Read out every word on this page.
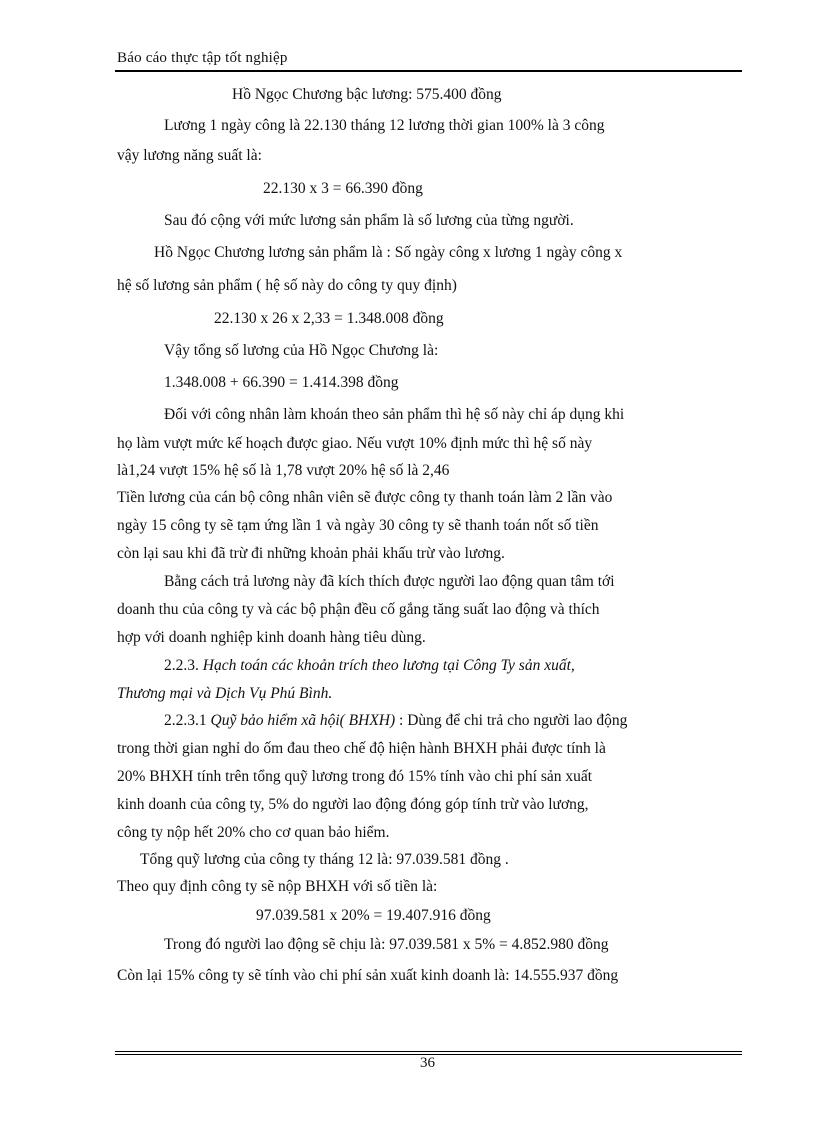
Báo cáo thực tập tốt nghiệp
Hồ Ngọc Chương bậc lương: 575.400 đồng
Lương 1 ngày công là 22.130 tháng 12 lương thời gian 100% là 3 công
vậy lương năng suất là:
22.130 x 3 = 66.390 đồng
Sau đó cộng với mức lương sản phẩm là số lương của từng người.
Hồ Ngọc Chương lương sản phẩm là : Số ngày công x lương 1 ngày công x
hệ số lương sản phẩm ( hệ số này do công ty quy định)
22.130 x 26 x 2,33 = 1.348.008 đồng
Vậy tổng số lương của Hồ Ngọc Chương là:
1.348.008 + 66.390 = 1.414.398 đồng
Đối với công nhân làm khoán theo sản phẩm thì hệ số này chỉ áp dụng khi
họ làm vượt mức kế hoạch được giao. Nếu vượt 10% định mức thì hệ số này
là1,24 vượt 15% hệ số là 1,78 vượt 20% hệ số là 2,46
Tiền lương của cán bộ công nhân viên sẽ được công ty thanh toán làm 2 lần vào
ngày 15 công ty sẽ tạm ứng lần 1 và ngày 30 công ty sẽ thanh toán nốt số tiền
còn lại sau khi đã trừ đi những khoản phải khấu trừ vào lương.
Bằng cách trả lương này đã kích thích được người lao động quan tâm tới
doanh thu của công ty và các bộ phận đều cố gắng tăng suất lao động và thích
hợp với doanh nghiệp kinh doanh hàng tiêu dùng.
2.2.3. Hạch toán các khoản trích theo lương tại Công Ty sản xuất,
Thương mại và Dịch Vụ Phú Bình.
2.2.3.1 Quỹ bảo hiểm xã hội( BHXH) : Dùng để chi trả cho người lao động
trong thời gian nghỉ do ốm đau theo chế độ hiện hành BHXH phải được tính là
20% BHXH tính trên tổng quỹ lương trong đó 15% tính vào chi phí sản xuất
kinh doanh của công ty, 5% do người lao động đóng góp tính trừ vào lương,
công ty nộp hết 20% cho cơ quan bảo hiểm.
Tổng quỹ lương của công ty tháng 12 là: 97.039.581 đồng .
Theo quy định công ty sẽ nộp BHXH với số tiền là:
97.039.581 x 20% = 19.407.916 đồng
Trong đó người lao động sẽ chịu là: 97.039.581 x 5% = 4.852.980 đồng
Còn lại 15% công ty sẽ tính vào chi phí sản xuất kinh doanh là: 14.555.937 đồng
36
